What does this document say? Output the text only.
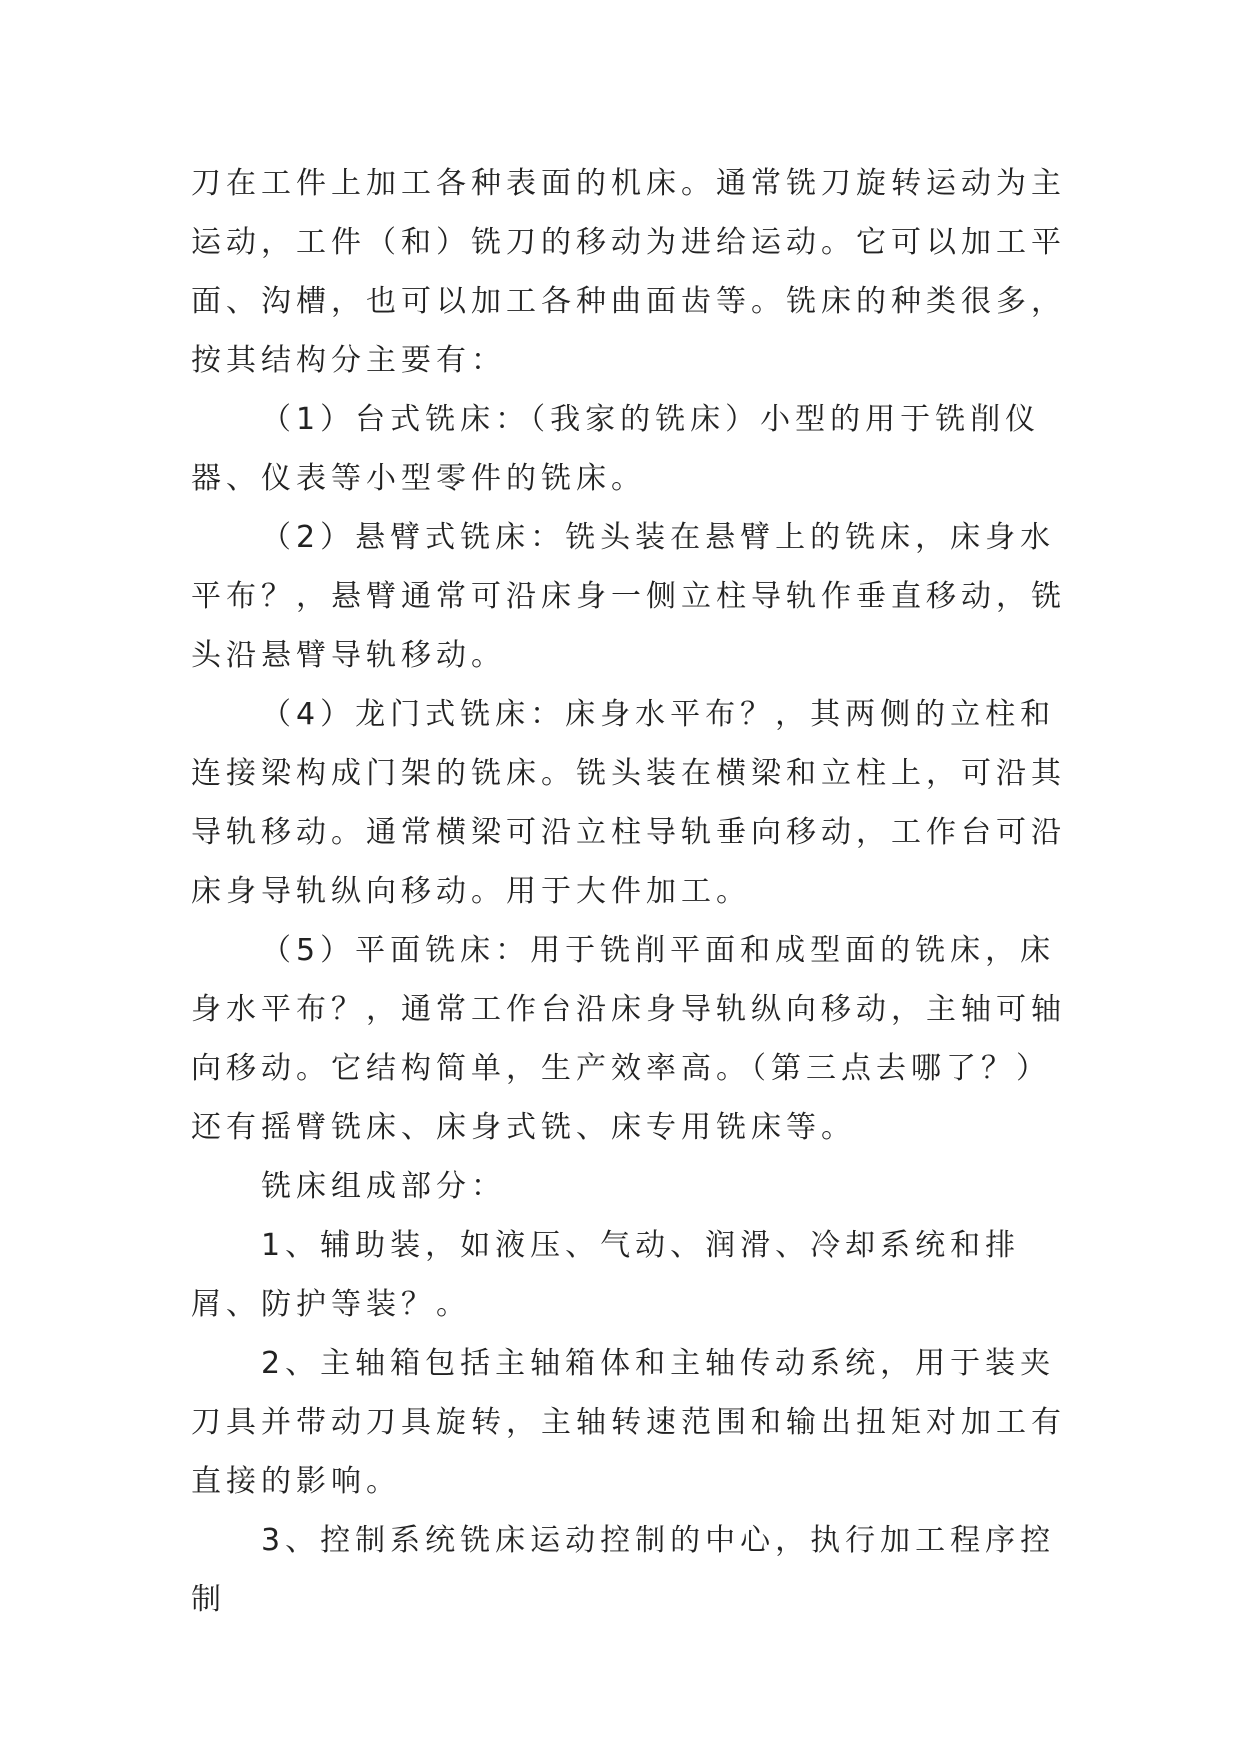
刀在工件上加工各种表面的机床。通常铣刀旋转运动为主运动，工件（和）铣刀的移动为进给运动。它可以加工平面、沟槽，也可以加工各种曲面齿等。铣床的种类很多，按其结构分主要有：

（1）台式铣床：（我家的铣床）小型的用于铣削仪器、仪表等小型零件的铣床。

（2）悬臂式铣床：铣头装在悬臂上的铣床，床身水平布？，悬臂通常可沿床身一侧立柱导轨作垂直移动，铣头沿悬臂导轨移动。

（4）龙门式铣床：床身水平布？，其两侧的立柱和连接梁构成门架的铣床。铣头装在横梁和立柱上，可沿其导轨移动。通常横梁可沿立柱导轨垂向移动，工作台可沿床身导轨纵向移动。用于大件加工。

（5）平面铣床：用于铣削平面和成型面的铣床，床身水平布？，通常工作台沿床身导轨纵向移动，主轴可轴向移动。它结构简单，生产效率高。（第三点去哪了？）还有摇臂铣床、床身式铣、床专用铣床等。

铣床组成部分：

1、辅助装，如液压、气动、润滑、冷却系统和排屑、防护等装？。

2、主轴箱包括主轴箱体和主轴传动系统，用于装夹刀具并带动刀具旋转，主轴转速范围和输出扭矩对加工有直接的影响。

3、控制系统铣床运动控制的中心，执行加工程序控制
